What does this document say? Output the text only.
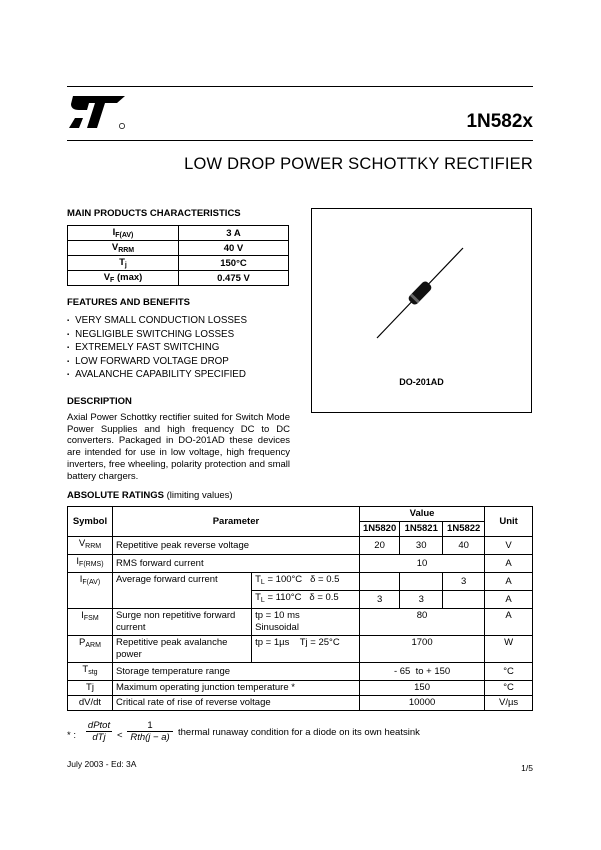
1N582x
LOW DROP POWER SCHOTTKY RECTIFIER
MAIN PRODUCTS CHARACTERISTICS
$I_{F(AV)}$	3 A
$V_{RRM}$	40 V
$T_j$	150°C
$V_F$ (max)	0.475 V
FEATURES AND BENEFITS
▪ VERY SMALL CONDUCTION LOSSES
▪ NEGLIGIBLE SWITCHING LOSSES
▪ EXTREMELY FAST SWITCHING
▪ LOW FORWARD VOLTAGE DROP
▪ AVALANCHE CAPABILITY SPECIFIED
DESCRIPTION
Axial Power Schottky rectifier suited for Switch Mode Power Supplies and high frequency DC to DC converters. Packaged in DO-201AD these devices are intended for use in low voltage, high frequency inverters, free wheeling, polarity protection and small battery chargers.
DO-201AD
ABSOLUTE RATINGS (limiting values)
Symbol	Parameter		Value			Unit
			1N5820	1N5821	1N5822	
$V_{RRM}$	Repetitive peak reverse voltage		20	30	40	V
$I_{F(RMS)}$	RMS forward current		10			A
$I_{F(AV)}$	Average forward current	$T_L = 100^\circ C$ δ = 0.5			3	A
		$T_L = 110^\circ C$ δ = 0.5	3	3		A
$I_{FSM}$	Surge non repetitive forward current	tp = 10 ms
Sinusoidal	80			A
$P_{ARM}$	Repetitive peak avalanche power	tp = 1µs    Tj = 25°C	1700			W
$T_{stg}$	Storage temperature range		- 65  to + 150			°C
Tj	Maximum operating junction temperature *		150			°C
dV/dt	Critical rate of rise of reverse voltage		10000			V/µs
* :
dPtot
dTj	<
1
Rth(j − a) thermal runaway condition for a diode on its own heatsink
July 2003 - Ed: 3A	1/5
